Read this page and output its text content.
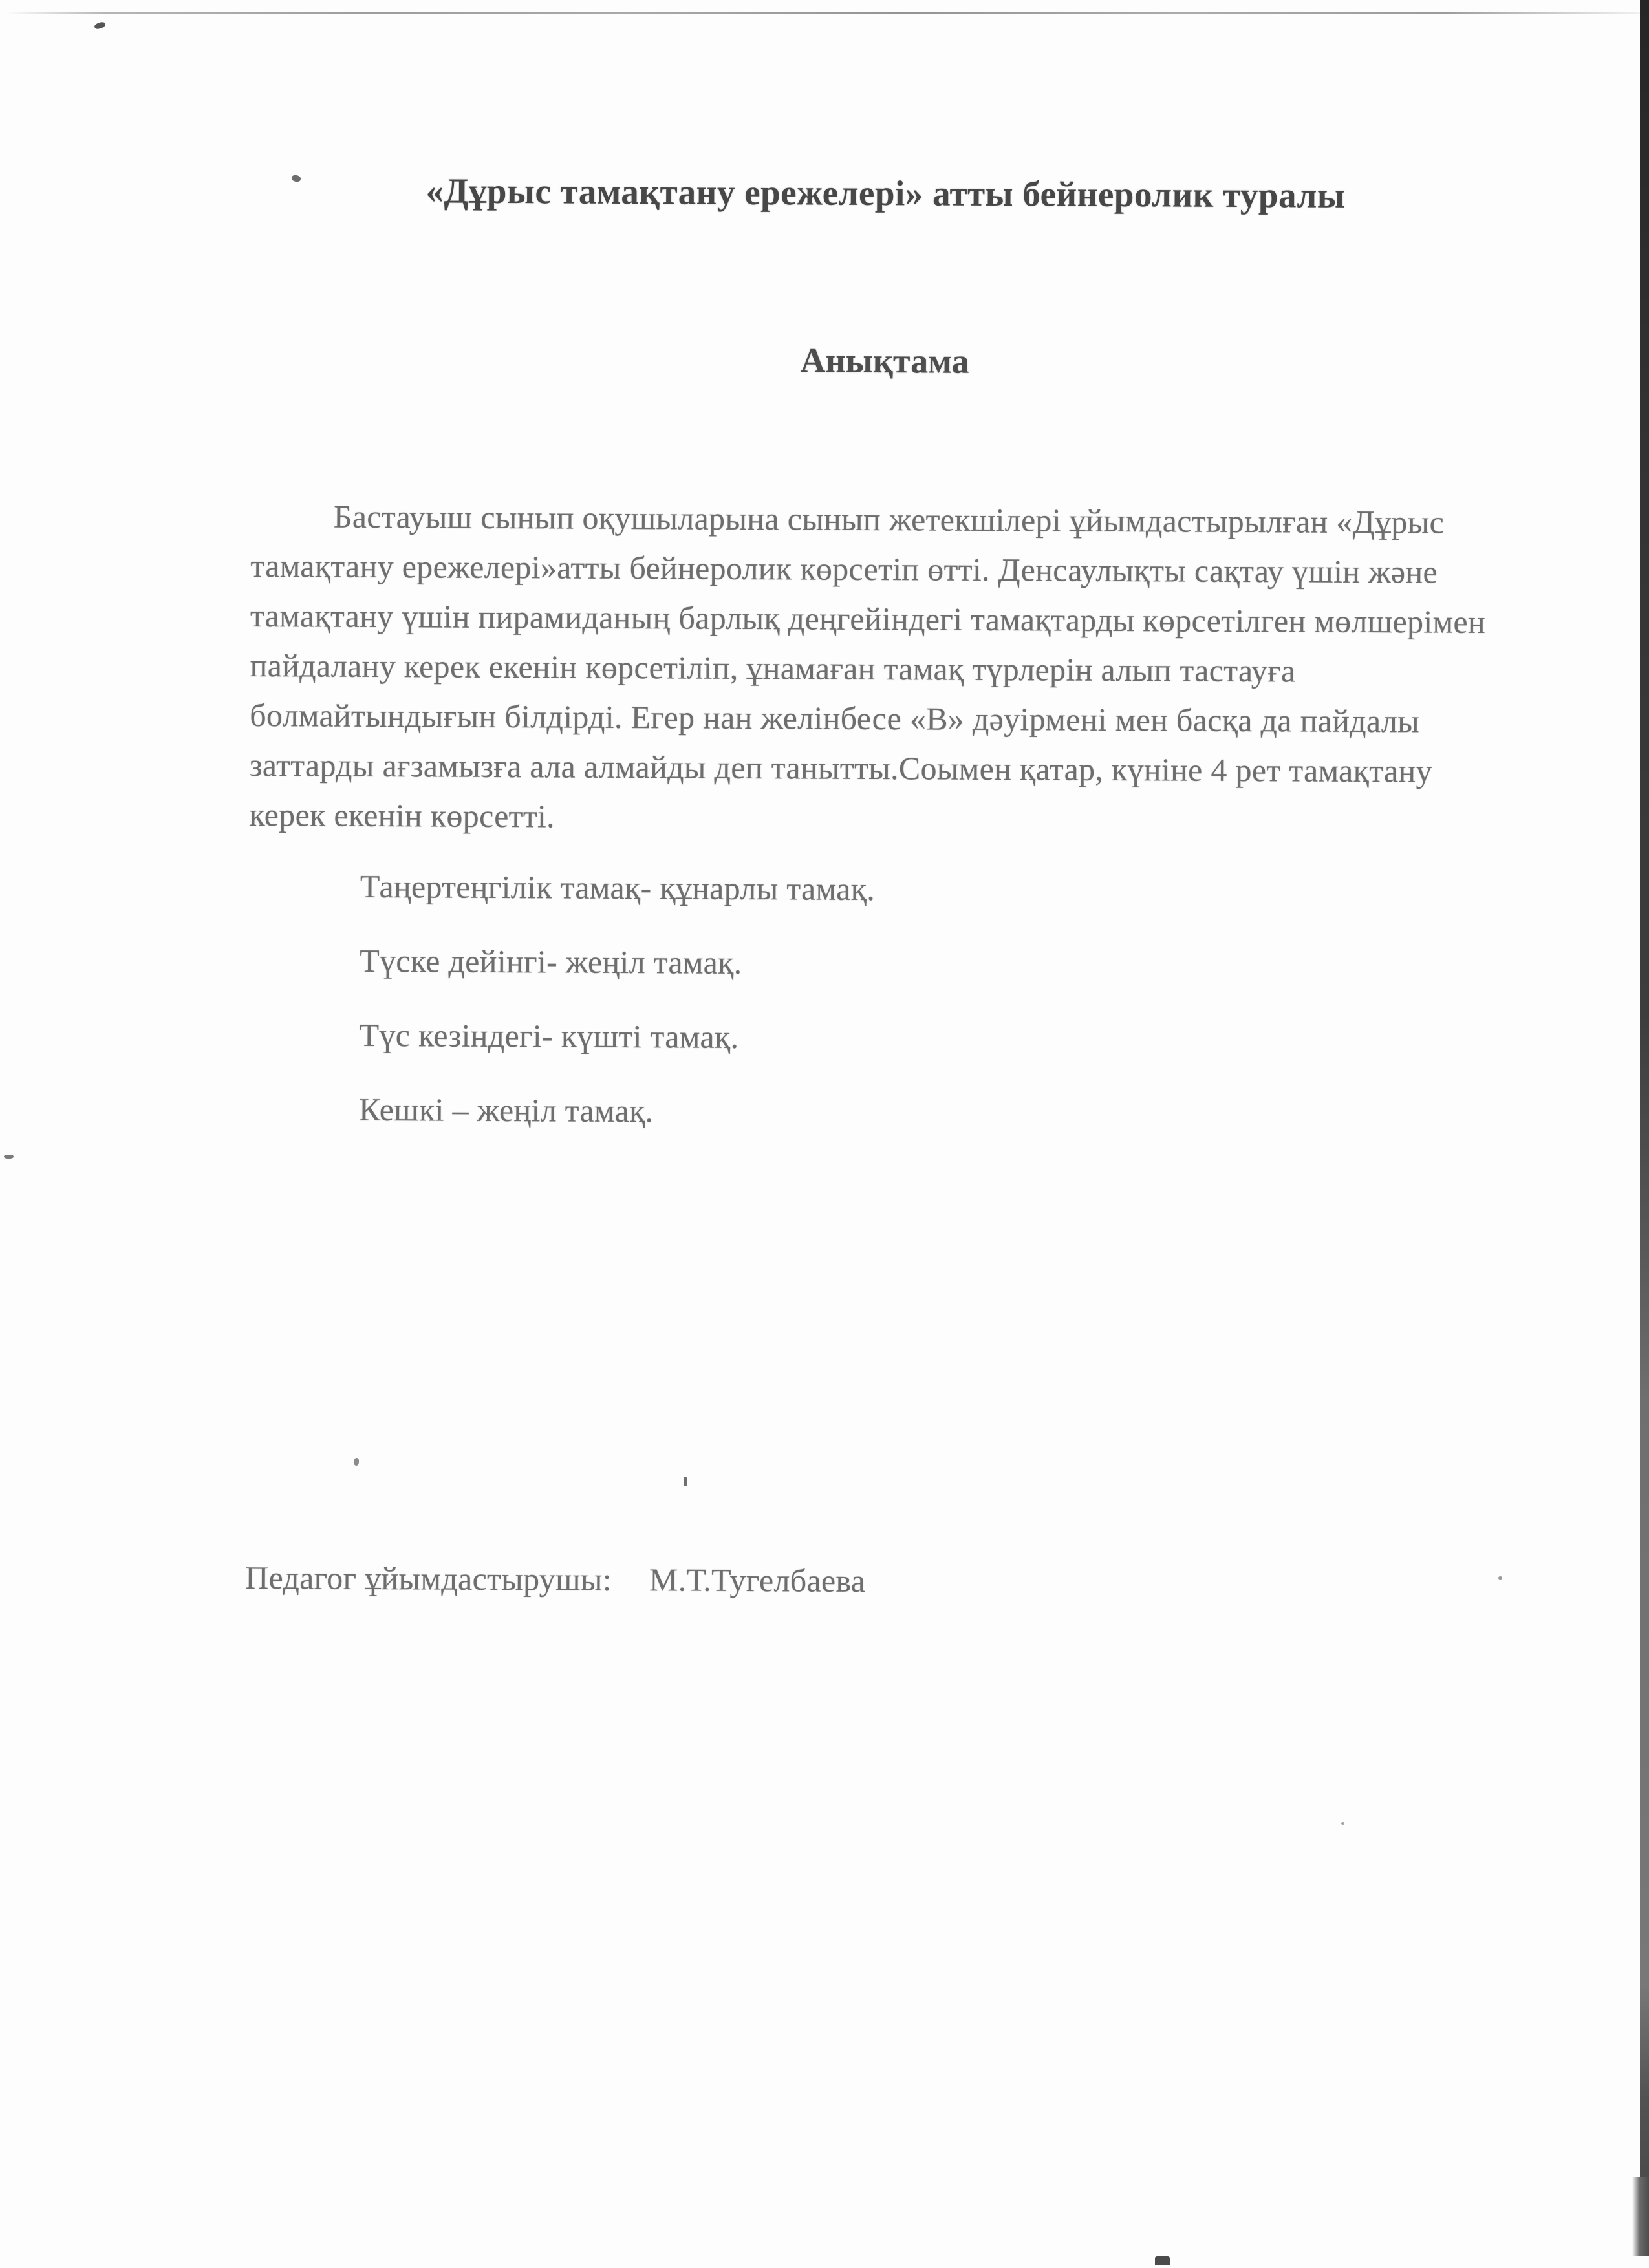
«Дұрыс тамақтану ережелері» атты бейнеролик туралы
Анықтама

Бастауыш сынып оқушыларына сынып жетекшілері ұйымдастырылған «Дұрыс тамақтану ережелері»атты бейнеролик көрсетіп өтті. Денсаулықты сақтау үшін және тамақтану үшін пирамиданың барлық деңгейіндегі тамақтарды көрсетілген мөлшерімен пайдалану керек екенін көрсетіліп, ұнамаған тамақ түрлерін алып тастауға болмайтындығын білдірді. Егер нан желінбесе «В» дәуірмені мен басқа да пайдалы заттарды ағзамызға ала алмайды деп танытты.Соымен қатар, күніне 4 рет тамақтану керек екенін көрсетті.

Таңертеңгілік тамақ- құнарлы тамақ.

Түске дейінгі- жеңіл тамақ.

Түс кезіндегі- күшті тамақ.

Кешкі – жеңіл тамақ.

Педагог ұйымдастырушы: М.Т.Тугелбаева
